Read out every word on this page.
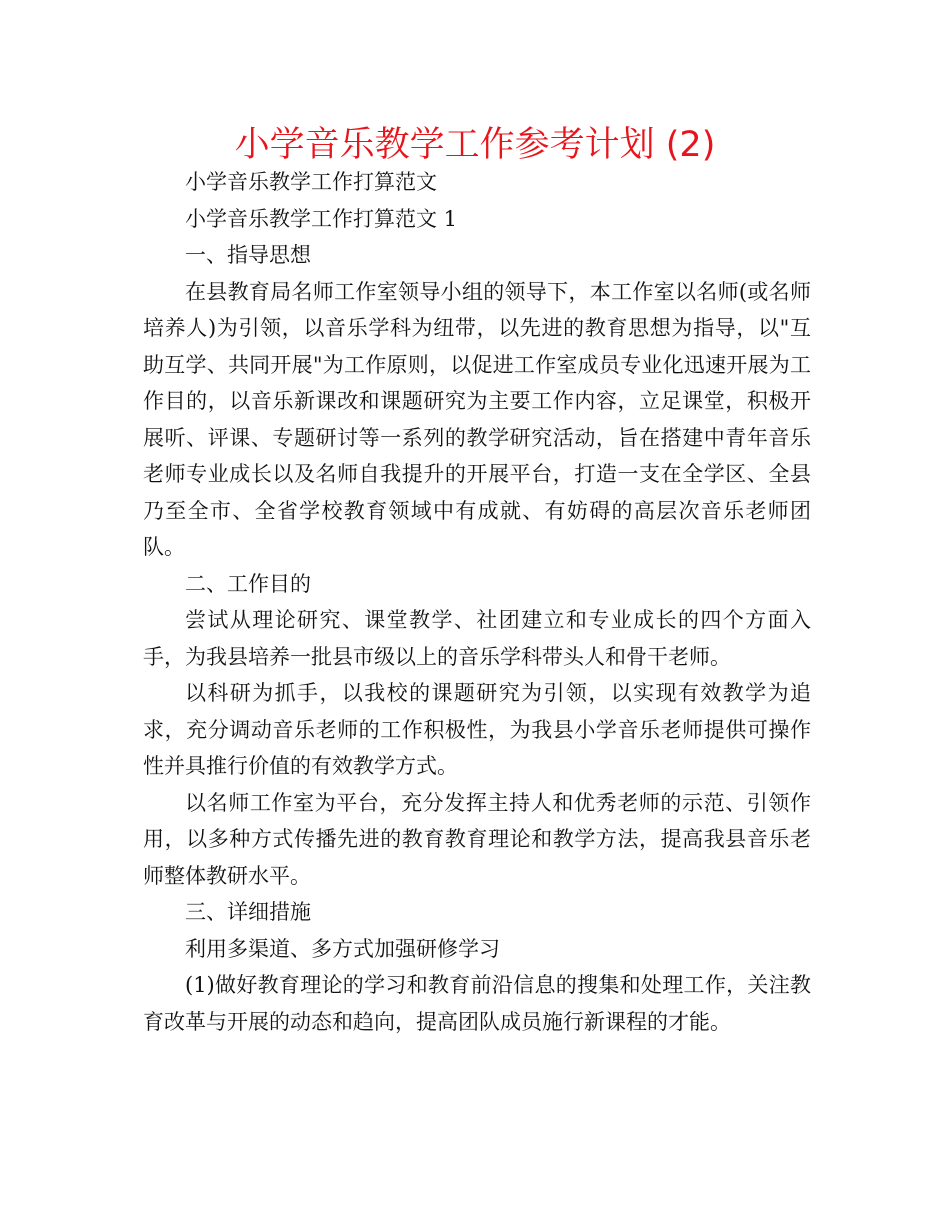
小学音乐教学工作参考计划 (2)

小学音乐教学工作打算范文

小学音乐教学工作打算范文 1

一、指导思想

在县教育局名师工作室领导小组的领导下，本工作室以名师(或名师培养人)为引领，以音乐学科为纽带，以先进的教育思想为指导，以"互助互学、共同开展"为工作原则，以促进工作室成员专业化迅速开展为工作目的，以音乐新课改和课题研究为主要工作内容，立足课堂，积极开展听、评课、专题研讨等一系列的教学研究活动，旨在搭建中青年音乐老师专业成长以及名师自我提升的开展平台，打造一支在全学区、全县乃至全市、全省学校教育领域中有成就、有妨碍的高层次音乐老师团队。

二、工作目的

尝试从理论研究、课堂教学、社团建立和专业成长的四个方面入手，为我县培养一批县市级以上的音乐学科带头人和骨干老师。

以科研为抓手，以我校的课题研究为引领，以实现有效教学为追求，充分调动音乐老师的工作积极性，为我县小学音乐老师提供可操作性并具推行价值的有效教学方式。

以名师工作室为平台，充分发挥主持人和优秀老师的示范、引领作用，以多种方式传播先进的教育教育理论和教学方法，提高我县音乐老师整体教研水平。

三、详细措施

利用多渠道、多方式加强研修学习

(1)做好教育理论的学习和教育前沿信息的搜集和处理工作，关注教育改革与开展的动态和趋向，提高团队成员施行新课程的才能。
